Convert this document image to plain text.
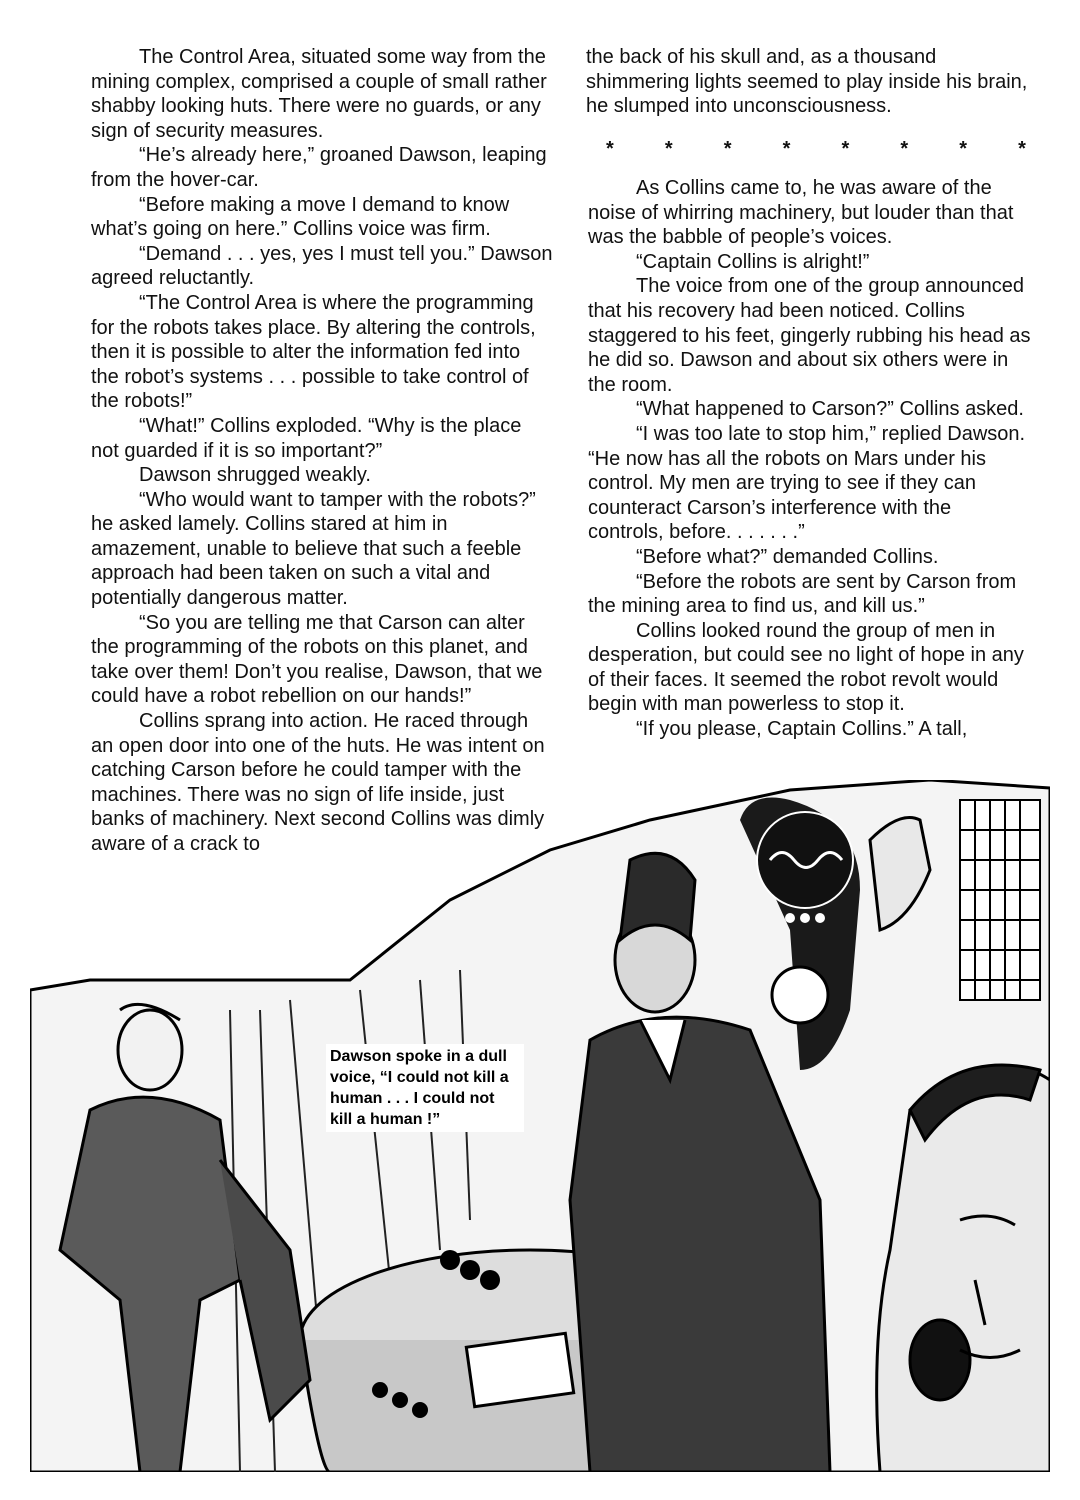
The Control Area, situated some way from the mining complex, comprised a couple of small rather shabby looking huts. There were no guards, or any sign of security measures.

“He’s already here,” groaned Dawson, leaping from the hover-car.

“Before making a move I demand to know what’s going on here.” Collins voice was firm.

“Demand . . . yes, yes I must tell you.” Dawson agreed reluctantly.

“The Control Area is where the programming for the robots takes place. By altering the controls, then it is possible to alter the information fed into the robot’s systems . . . possible to take control of the robots!”

“What!” Collins exploded. “Why is the place not guarded if it is so important?”

Dawson shrugged weakly.

“Who would want to tamper with the robots?” he asked lamely. Collins stared at him in amazement, unable to believe that such a feeble approach had been taken on such a vital and potentially dangerous matter.

“So you are telling me that Carson can alter the programming of the robots on this planet, and take over them! Don’t you realise, Dawson, that we could have a robot rebellion on our hands!”

Collins sprang into action. He raced through an open door into one of the huts. He was intent on catching Carson before he could tamper with the machines. There was no sign of life inside, just banks of machinery. Next second Collins was dimly aware of a crack to

the back of his skull and, as a thousand shimmering lights seemed to play inside his brain, he slumped into unconsciousness.

*	*	*	*	*	*	*	*

As Collins came to, he was aware of the noise of whirring machinery, but louder than that was the babble of people’s voices.

“Captain Collins is alright!”

The voice from one of the group announced that his recovery had been noticed. Collins staggered to his feet, gingerly rubbing his head as he did so. Dawson and about six others were in the room.

“What happened to Carson?” Collins asked.

“I was too late to stop him,” replied Dawson. “He now has all the robots on Mars under his control. My men are trying to see if they can counteract Carson’s interference with the controls, before. . . . . . .”

“Before what?” demanded Collins.

“Before the robots are sent by Carson from the mining area to find us, and kill us.”

Collins looked round the group of men in desperation, but could see no light of hope in any of their faces. It seemed the robot revolt would begin with man powerless to stop it.

“If you please, Captain Collins.” A tall,

Dawson spoke in a dull voice, “I could not kill a human . . . I could not kill a human !”
